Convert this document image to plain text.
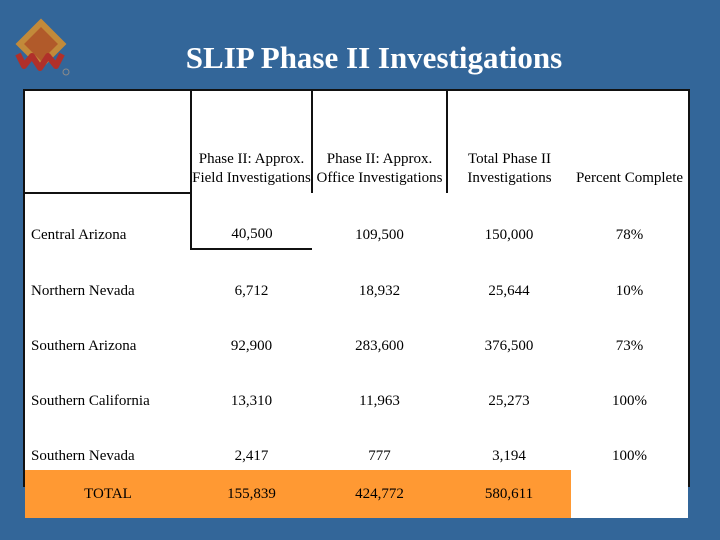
SLIP Phase II Investigations
	Phase II: Approx. Field Investigations	Phase II: Approx. Office Investigations	Total Phase II Investigations	Percent Complete
Central Arizona	40,500	109,500	150,000	78%
Northern Nevada	6,712	18,932	25,644	10%
Southern Arizona	92,900	283,600	376,500	73%
Southern California	13,310	11,963	25,273	100%
Southern Nevada	2,417	777	3,194	100%
TOTAL	155,839	424,772	580,611	
